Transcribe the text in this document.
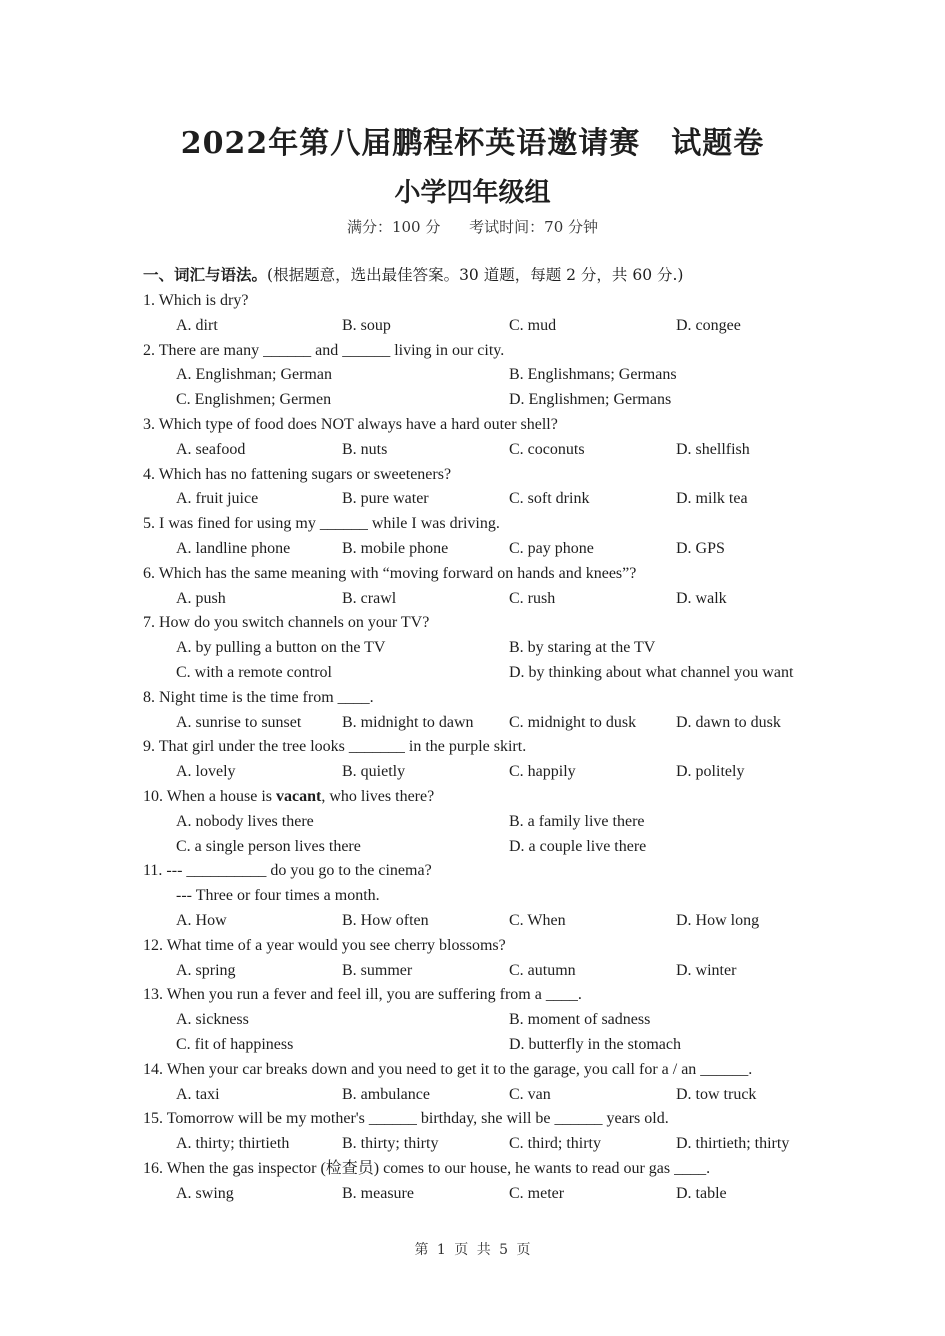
2022年第八届鹏程杯英语邀请赛　试题卷
小学四年级组
满分：100 分 考试时间：70 分钟
一、词汇与语法。(根据题意，选出最佳答案。30 道题，每题 2 分，共 60 分.)
1. Which is dry?
A. dirt	B. soup	C. mud	D. congee
2. There are many ______ and ______ living in our city.
A. Englishman; German	B. Englishmans; Germans
C. Englishmen; Germen	D. Englishmen; Germans
3. Which type of food does NOT always have a hard outer shell?
A. seafood	B. nuts	C. coconuts	D. shellfish
4. Which has no fattening sugars or sweeteners?
A. fruit juice	B. pure water	C. soft drink	D. milk tea
5. I was fined for using my ______ while I was driving.
A. landline phone	B. mobile phone	C. pay phone	D. GPS
6. Which has the same meaning with “moving forward on hands and knees”?
A. push	B. crawl	C. rush	D. walk
7. How do you switch channels on your TV?
A. by pulling a button on the TV	B. by staring at the TV
C. with a remote control	D. by thinking about what channel you want
8. Night time is the time from ____.
A. sunrise to sunset	B. midnight to dawn C. midnight to dusk D. dawn to dusk
9. That girl under the tree looks _______ in the purple skirt.
A. lovely	B. quietly	C. happily	D. politely
10. When a house is vacant, who lives there?
A. nobody lives there	B. a family live there
C. a single person lives there	D. a couple live there
11. --- __________ do you go to the cinema?
--- Three or four times a month.
A. How	B. How often	C. When	D. How long
12. What time of a year would you see cherry blossoms?
A. spring	B. summer	C. autumn	D. winter
13. When you run a fever and feel ill, you are suffering from a ____.
A. sickness	B. moment of sadness
C. fit of happiness	D. butterfly in the stomach
14. When your car breaks down and you need to get it to the garage, you call for a / an ______.
A. taxi	B. ambulance	C. van	D. tow truck
15. Tomorrow will be my mother's ______ birthday, she will be ______ years old.
A. thirty; thirtieth	B. thirty; thirty	C. third; thirty	D. thirtieth; thirty
16. When the gas inspector (检查员) comes to our house, he wants to read our gas ____.
A. swing	B. measure	C. meter	D. table
第 1 页 共 5 页
